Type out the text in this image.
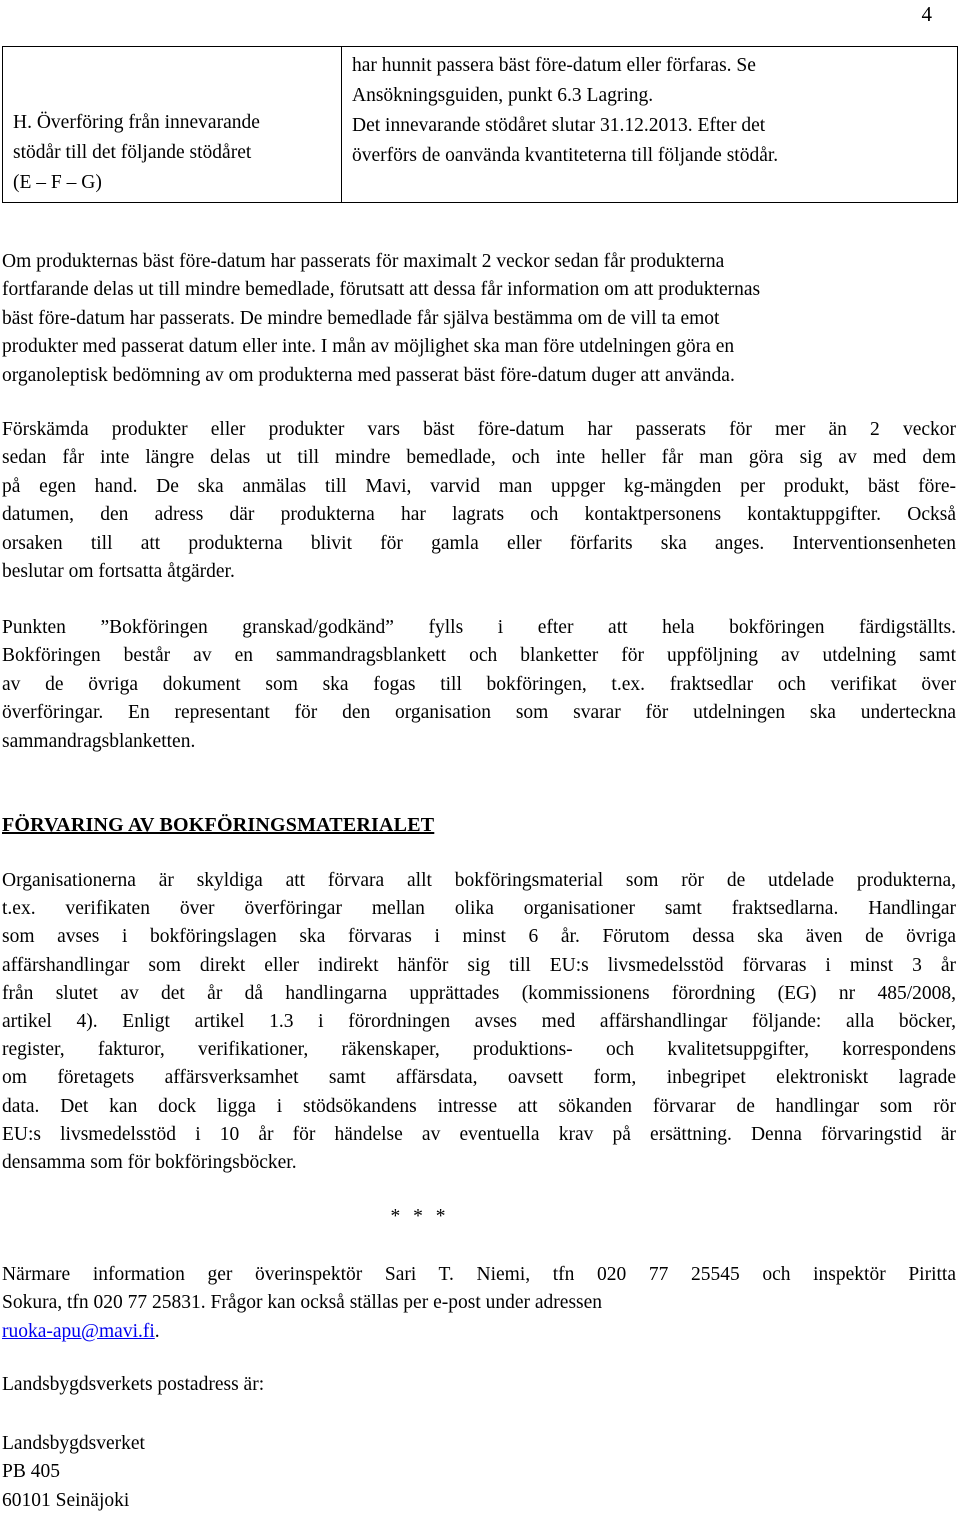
4
H. Överföring från innevarande
stödår till det följande stödåret
(E – F – G)

har hunnit passera bäst före-datum eller förfaras. Se
Ansökningsguiden, punkt 6.3 Lagring.
Det innevarande stödåret slutar 31.12.2013. Efter det
överförs de oanvända kvantiteterna till följande stödår.
Om produkternas bäst före-datum har passerats för maximalt 2 veckor sedan får produkterna
fortfarande delas ut till mindre bemedlade, förutsatt att dessa får information om att produkternas
bäst före-datum har passerats. De mindre bemedlade får själva bestämma om de vill ta emot
produkter med passerat datum eller inte. I mån av möjlighet ska man före utdelningen göra en
organoleptisk bedömning av om produkterna med passerat bäst före-datum duger att använda.
Förskämda produkter eller produkter vars bäst före-datum har passerats för mer än 2 veckor
sedan får inte längre delas ut till mindre bemedlade, och inte heller får man göra sig av med dem
på egen hand. De ska anmälas till Mavi, varvid man uppger kg-mängden per produkt, bäst före-
datumen, den adress där produkterna har lagrats och kontaktpersonens kontaktuppgifter. Också
orsaken till att produkterna blivit för gamla eller förfarits ska anges. Interventionsenheten
beslutar om fortsatta åtgärder.
Punkten ”Bokföringen granskad/godkänd” fylls i efter att hela bokföringen färdigställts.
Bokföringen består av en sammandragsblankett och blanketter för uppföljning av utdelning samt
av de övriga dokument som ska fogas till bokföringen, t.ex. fraktsedlar och verifikat över
överföringar. En representant för den organisation som svarar för utdelningen ska underteckna
sammandragsblanketten.
FÖRVARING AV BOKFÖRINGSMATERIALET
Organisationerna är skyldiga att förvara allt bokföringsmaterial som rör de utdelade produkterna,
t.ex. verifikaten över överföringar mellan olika organisationer samt fraktsedlarna. Handlingar
som avses i bokföringslagen ska förvaras i minst 6 år. Förutom dessa ska även de övriga
affärshandlingar som direkt eller indirekt hänför sig till EU:s livsmedelsstöd förvaras i minst 3 år
från slutet av det år då handlingarna upprättades (kommissionens förordning (EG) nr 485/2008,
artikel 4). Enligt artikel 1.3 i förordningen avses med affärshandlingar följande: alla böcker,
register, fakturor, verifikationer, räkenskaper, produktions- och kvalitetsuppgifter, korrespondens
om företagets affärsverksamhet samt affärsdata, oavsett form, inbegripet elektroniskt lagrade
data. Det kan dock ligga i stödsökandens intresse att sökanden förvarar de handlingar som rör
EU:s livsmedelsstöd i 10 år för händelse av eventuella krav på ersättning. Denna förvaringstid är
densamma som för bokföringsböcker.
* * *
Närmare information ger överinspektör Sari T. Niemi, tfn 020 77 25545 och inspektör Piritta
Sokura, tfn 020 77 25831. Frågor kan också ställas per e-post under adressen
ruoka-apu@mavi.fi.
Landsbygdsverkets postadress är:
Landsbygdsverket
PB 405
60101 Seinäjoki
